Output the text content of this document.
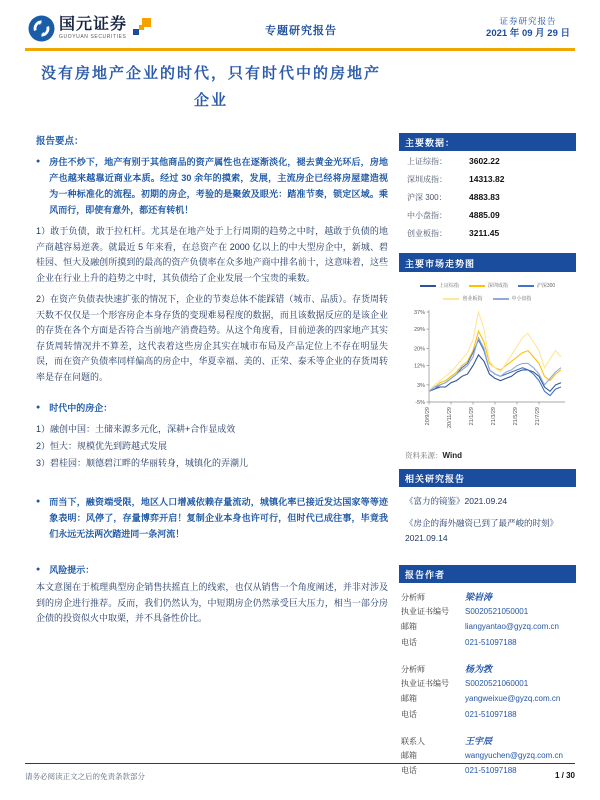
国元证券
GUOYUAN SECURITIES	专题研究报告
证券研究报告
2021 年 09 月 29 日
没有房地产企业的时代，只有时代中的房地产企业
报告要点：
● 房住不炒下，地产有别于其他商品的资产属性也在逐渐淡化，褪去黄金光环后，房地产也越来越靠近商业本质。经过 30 余年的摸索，发展，主流房企已经将房屋建造视为一种标准化的流程。初期的房企，考验的是聚敛及眼光：踏准节奏，锁定区域。乘风而行，即使有意外，都还有转机！

1）敢于负债，敢于拉杠杆。尤其是在地产处于上行周期的趋势之中时，越敢于负债的地产商越容易逆袭。就最近 5 年来看，在总资产在 2000 亿以上的中大型房企中，新城、碧桂园、恒大及融创所摸到的最高的资产负债率在众多地产商中排名前十，这意味着，这些企业在行业上升的趋势之中时，其负债给了企业发展一个宝贵的乘数。

2）在资产负债表快速扩张的情况下，企业的节奏总体不能踩错（城市、品质）。存货周转天数不仅仅是一个形容房企本身存货的变现难易程度的数据，而且该数据反应的是该企业的存货在各个方面是否符合当前地产消费趋势。从这个角度看，目前逆袭的四家地产其实存货周转情况并不算差，这代表着这些房企其实在城市布局及产品定位上不存在明显失误，而在资产负债率同样偏高的房企中，华夏幸福、美的、正荣、泰禾等企业的存货周转率是存在问题的。

● 时代中的房企：
1）融创中国：土储来源多元化，深耕+合作显成效
2）恒大：规模优先到跨越式发展
3）碧桂园：顺德碧江畔的华丽转身，城镇化的弄潮儿
● 而当下，融资端受限，地区人口增减依赖存量流动，城镇化率已接近发达国家等等迹象表明：风停了，存量博弈开启！复制企业本身也许可行，但时代已成往事，毕竟我们永远无法两次踏进同一条河流！
● 风险提示：

本文意图在于梳理典型房企销售扶摇直上的线索，也仅从销售一个角度阐述，并非对涉及到的房企进行推荐。反而，我们仍然认为，中短期房企仍然承受巨大压力，相当一部分房企债的投资似火中取栗，并不具备性价比。

主要数据：
上证综指：	3602.22
深圳成指：	14313.82
沪深 300：	4883.83
中小盘指：	4885.09
创业板指：	3211.45
主要市场走势图
上证综指	深圳成指	沪深300
创业板指	中小盘指
-5%
3%
12%
20%
29%
37%
20/9/29	20/11/29	21/1/29	21/3/29	21/5/29	21/7/29
资料来源：Wind
相关研究报告
《富力的镜鉴》2021.09.24
《房企的海外融资已到了最严峻的时刻》 2021.09.14
报告作者
分析师	梁岩涛
执业证书编号	S0020521050001
邮箱	liangyantao@gyzq.com.cn
电话	021-51097188
分析师	杨为敩
执业证书编号	S0020521060001
邮箱	yangweixue@gyzq.com.cn
电话	021-51097188
联系人	王宇辰
邮箱	wangyuchen@gyzq.com.cn
电话	021-51097188
请务必阅读正文之后的免责条款部分	1 / 30
